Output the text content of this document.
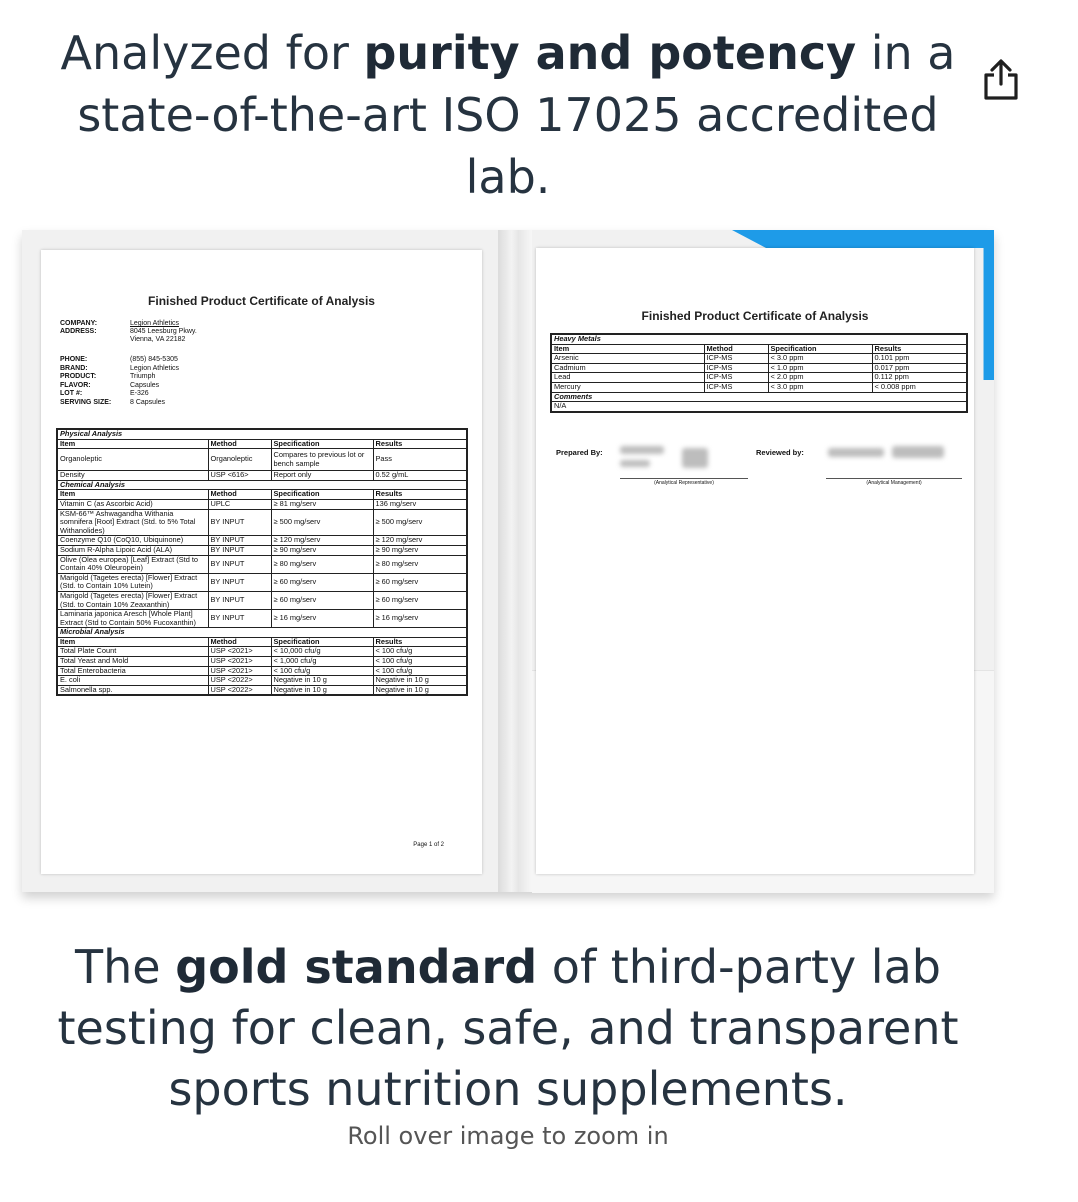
Analyzed for purity and potency in a state-of-the-art ISO 17025 accredited lab.
Finished Product Certificate of Analysis
COMPANY:	Legion Athletics
ADDRESS:	8045 Leesburg Pkwy.
Vienna, VA 22182
PHONE:	(855) 845-5305
BRAND:	Legion Athletics
PRODUCT:	Triumph
FLAVOR:	Capsules
LOT #:	E-326
SERVING SIZE:	8 Capsules
Physical Analysis			
Item	Method	Specification	Results
Organoleptic	Organoleptic	Compares to previous lot or bench sample	Pass
Density	USP <616>	Report only	0.52 g/mL
Chemical Analysis			
Item	Method	Specification	Results
Vitamin C (as Ascorbic Acid)	UPLC	≥ 81 mg/serv	136 mg/serv
KSM-66™ Ashwagandha Withania somnifera [Root] Extract (Std. to 5% Total Withanolides)	BY INPUT	≥ 500 mg/serv	≥ 500 mg/serv
Coenzyme Q10 (CoQ10, Ubiquinone)	BY INPUT	≥ 120 mg/serv	≥ 120 mg/serv
Sodium R-Alpha Lipoic Acid (ALA)	BY INPUT	≥ 90 mg/serv	≥ 90 mg/serv
Olive (Olea europea) [Leaf] Extract (Std to Contain 40% Oleuropein)	BY INPUT	≥ 80 mg/serv	≥ 80 mg/serv
Marigold (Tagetes erecta) [Flower] Extract (Std. to Contain 10% Lutein)	BY INPUT	≥ 60 mg/serv	≥ 60 mg/serv
Marigold (Tagetes erecta) [Flower] Extract (Std. to Contain 10% Zeaxanthin)	BY INPUT	≥ 60 mg/serv	≥ 60 mg/serv
Laminaria japonica Aresch [Whole Plant] Extract (Std to Contain 50% Fucoxanthin)	BY INPUT	≥ 16 mg/serv	≥ 16 mg/serv
Microbial Analysis			
Item	Method	Specification	Results
Total Plate Count	USP <2021>	< 10,000 cfu/g	< 100 cfu/g
Total Yeast and Mold	USP <2021>	< 1,000 cfu/g	< 100 cfu/g
Total Enterobacteria	USP <2021>	< 100 cfu/g	< 100 cfu/g
E. coli	USP <2022>	Negative in 10 g	Negative in 10 g
Salmonella spp.	USP <2022>	Negative in 10 g	Negative in 10 g
Page 1 of 2
Finished Product Certificate of Analysis
Heavy Metals			
Item	Method	Specification	Results
Arsenic	ICP-MS	< 3.0 ppm	0.101 ppm
Cadmium	ICP-MS	< 1.0 ppm	0.017 ppm
Lead	ICP-MS	< 2.0 ppm	0.112 ppm
Mercury	ICP-MS	< 3.0 ppm	< 0.008 ppm
Comments			
N/A			
Prepared By:
(Analytical Representative)
Reviewed by:
(Analytical Management)
The gold standard of third-party lab testing for clean, safe, and transparent sports nutrition supplements.
Roll over image to zoom in
